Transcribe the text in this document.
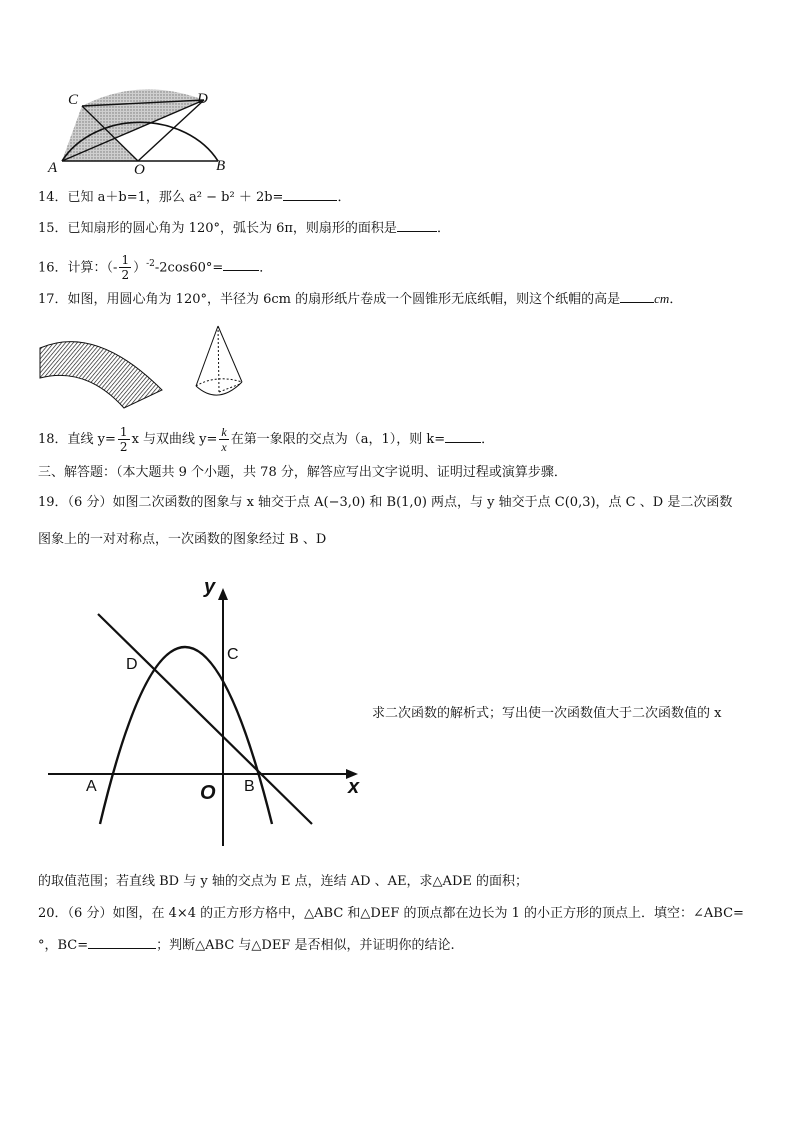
C	D
A	O	B
14．已知 a＋b=1，那么 a² − b² ＋ 2b=	．
15．已知扇形的圆心角为 120°，弧长为 6π，则扇形的面积是	．
16．计算：（- $\frac{1}{2} )^{-2}-2\cos 60^\circ=$	．
17．如图，用圆心角为 120°，半径为 6cm 的扇形纸片卷成一个圆锥形无底纸帽，则这个纸帽的高是	cm．
18．直线 $y= \frac{1}{2}$ x 与双曲线 $y= \frac{k}{x}$ 在第一象限的交点为（a，1），则 k=	．
三、解答题：（本大题共 9 个小题，共 78 分，解答应写出文字说明、证明过程或演算步骤．
19．（6 分）如图二次函数的图象与 x 轴交于点 A(−3,0) 和 B(1,0) 两点，与 y 轴交于点 C(0,3)，点 C 、D 是二次函数
图象上的一对对称点，一次函数的图象经过 B 、D
y
x
D
C
A	O B
求二次函数的解析式；写出使一次函数值大于二次函数值的 x
的取值范围；若直线 BD 与 y 轴的交点为 E 点，连结 AD 、AE，求△ADE 的面积；
20．（6 分）如图，在 4×4 的正方形方格中，△ABC 和△DEF 的顶点都在边长为 1 的小正方形的顶点上．填空：∠ABC=
°，BC=	；判断△ABC 与△DEF 是否相似，并证明你的结论.
